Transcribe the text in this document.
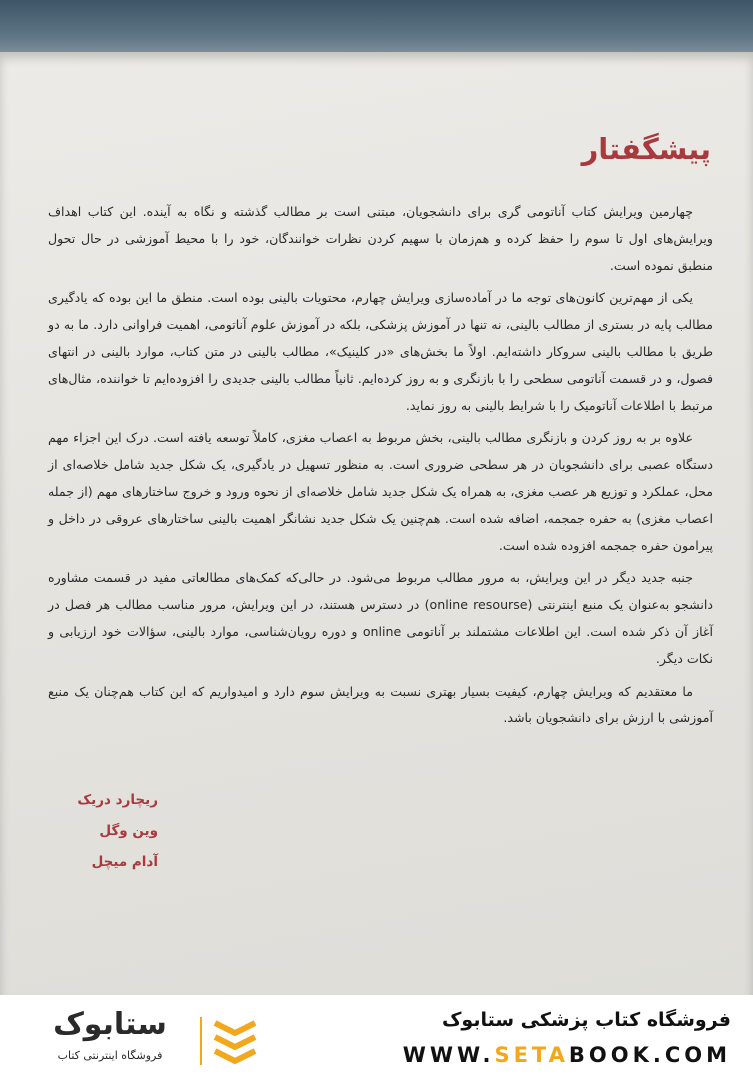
پیشگفتار

چهارمین ویرایش کتاب آناتومی گری برای دانشجویان، مبتنی است بر مطالب گذشته و نگاه به آینده. این کتاب اهداف ویرایش‌های اول تا سوم را حفظ کرده و هم‌زمان با سهیم کردن نظرات خوانندگان، خود را با محیط آموزشی در حال تحول منطبق نموده است.

یکی از مهم‌ترین کانون‌های توجه ما در آماده‌سازی ویرایش چهارم، محتویات بالینی بوده است. منطق ما این بوده که یادگیری مطالب پایه در بستری از مطالب بالینی، نه تنها در آموزش پزشکی، بلکه در آموزش علوم آناتومی، اهمیت فراوانی دارد. ما به دو طریق با مطالب بالینی سروکار داشته‌ایم. اولاً ما بخش‌های «در کلینیک»، مطالب بالینی در متن کتاب، موارد بالینی در انتهای فصول، و در قسمت آناتومی سطحی را با بازنگری و به روز کرده‌ایم. ثانیاً مطالب بالینی جدیدی را افزوده‌ایم تا خواننده، مثال‌های مرتبط با اطلاعات آناتومیک را با شرایط بالینی به روز نماید.

علاوه بر به روز کردن و بازنگری مطالب بالینی، بخش مربوط به اعصاب مغزی، کاملاً توسعه یافته است. درک این اجزاء مهم دستگاه عصبی برای دانشجویان در هر سطحی ضروری است. به منظور تسهیل در یادگیری، یک شکل جدید شامل خلاصه‌ای از محل، عملکرد و توزیع هر عصب مغزی، به همراه یک شکل جدید شامل خلاصه‌ای از نحوه ورود و خروج ساختارهای مهم (از جمله اعصاب مغزی) به حفره جمجمه، اضافه شده است. هم‌چنین یک شکل جدید نشانگر اهمیت بالینی ساختارهای عروقی در داخل و پیرامون حفره جمجمه افزوده شده است.

جنبه جدید دیگر در این ویرایش، به مرور مطالب مربوط می‌شود. در حالی‌که کمک‌های مطالعاتی مفید در قسمت مشاوره دانشجو به‌عنوان یک منبع اینترنتی (online resourse) در دسترس هستند، در این ویرایش، مرور مناسب مطالب هر فصل در آغاز آن ذکر شده است. این اطلاعات مشتملند بر آناتومی online و دوره رویان‌شناسی، موارد بالینی، سؤالات خود ارزیابی و نکات دیگر.

ما معتقدیم که ویرایش چهارم، کیفیت بسیار بهتری نسبت به ویرایش سوم دارد و امیدواریم که این کتاب هم‌چنان یک منبع آموزشی با ارزش برای دانشجویان باشد.

ریچارد دریک
وین وگل
آدام میچل
ستابوک
فروشگاه اینترنتی کتاب
فروشگاه کتاب پزشکی ستابوک
WWW.SETABOOK.COM
